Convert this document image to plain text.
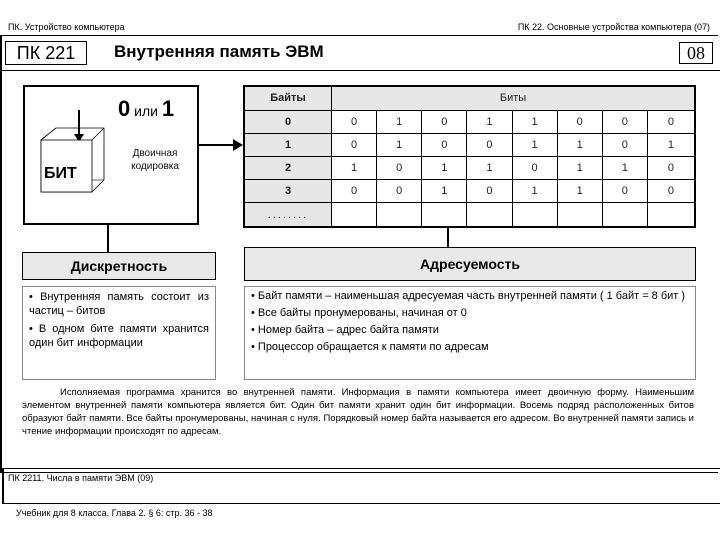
ПК. Устройство компьютера	ПК 22. Основные устройства компьютера (07)
ПК 221	Внутренняя память ЭВМ	08
0 или 1
Двоичная
кодировка
БИТ
Байты	Биты							
0	0	1	0	1	1	0	0	0
1	0	1	0	0	1	1	0	1
2	1	0	1	1	0	1	1	0
3	0	0	1	0	1	1	0	0
........								
Дискретность

• Внутренняя память состоит из частиц – битов

• В одном бите памяти хранится один бит информации

Адресуемость

• Байт памяти – наименьшая адресуемая часть внутренней памяти ( 1 байт = 8 бит )

• Все байты пронумерованы, начиная от 0

• Номер байта – адрес байта памяти

• Процессор обращается к памяти по адресам

Исполняемая программа хранится во внутренней памяти. Информация в памяти компьютера имеет двоичную форму. Наименьшим элементом внутренней памяти компьютера является бит. Один бит памяти хранит один бит информации. Восемь подряд расположенных битов образуют байт памяти. Все байты пронумерованы, начиная с нуля. Порядковый номер байта называется его адресом. Во внутренней памяти запись и чтение информации происходят по адресам.
ПК 2211. Числа в памяти ЭВМ (09)
Учебник для 8 класса. Глава 2. § 6: стр. 36 - 38
